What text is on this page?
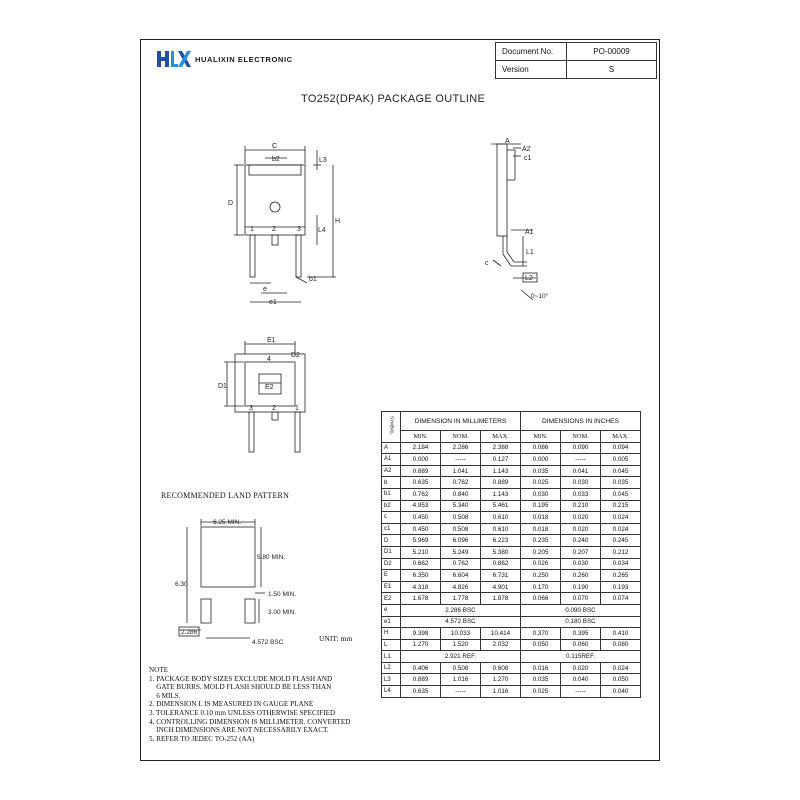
HUALIXIN ELECTRONIC
Document No.	PO-00009
Version	S
TO252(DPAK) PACKAGE OUTLINE
C
b2	L3
D
H
L4
1	2	3
e
b1
e1
A
A2
c1
A1
L1
c
L2
0~10°
E1
D2
D1	E2
4
1
2
3
6.25 MIN.
5.80 MIN.
6.30
1.50 MIN.
3.00 MIN.
2.286
4.572 BSC
RECOMMENDED LAND PATTERN
UNIT: mm

NOTE

1. PACKAGE BODY SIZES EXCLUDE MOLD FLASH AND

GATE BURRS. MOLD FLASH SHOULD BE LESS THAN

6 MILS.

2. DIMENSION L IS MEASURED IN GAUGE PLANE

3. TOLERANCE 0.10 mm UNLESS OTHERWISE SPECIFIED

4. CONTROLLING DIMENSION IS MILLIMETER. CONVERTED

INCH DIMENSIONS ARE NOT NECESSARILY EXACT.

5. REFER TO JEDEC TO-252 (AA)

SYMBOL	DIMENSION IN MILLIMETERS			DIMENSIONS IN INCHES		
	MIN.	NOM.	MAX.	MIN.	NOM.	MAX.
A	2.184	2.286	2.388	0.086	0.090	0.094
A1	0.000	-----	0.127	0.000	-----	0.005
A2	0.889	1.041	1.143	0.035	0.041	0.045
b	0.635	0.762	0.889	0.025	0.030	0.035
b1	0.762	0.840	1.143	0.030	0.033	0.045
b2	4.953	5.340	5.461	0.195	0.210	0.215
c	0.450	0.508	0.610	0.018	0.020	0.024
c1	0.450	0.508	0.610	0.018	0.020	0.024
D	5.969	6.096	6.223	0.235	0.240	0.245
D1	5.210	5.249	5.380	0.205	0.207	0.212
D2	0.662	0.762	0.862	0.026	0.030	0.034
E	6.350	6.604	6.731	0.250	0.260	0.265
E1	4.318	4.826	4.901	0.170	0.190	0.193
E2	1.678	1.778	1.878	0.066	0.070	0.074
e	2.286 BSC			0.090 BSC		
e1	4.572 BSC			0.180 BSC		
H	9.398	10.033	10.414	0.370	0.395	0.410
L	1.270	1.520	2.032	0.050	0.060	0.080
L1	2.921 REF.			0.115REF.		
L2	0.406	0.508	0.608	0.016	0.020	0.024
L3	0.889	1.016	1.270	0.035	0.040	0.050
L4	0.635	-----	1.016	0.025	-----	0.040
